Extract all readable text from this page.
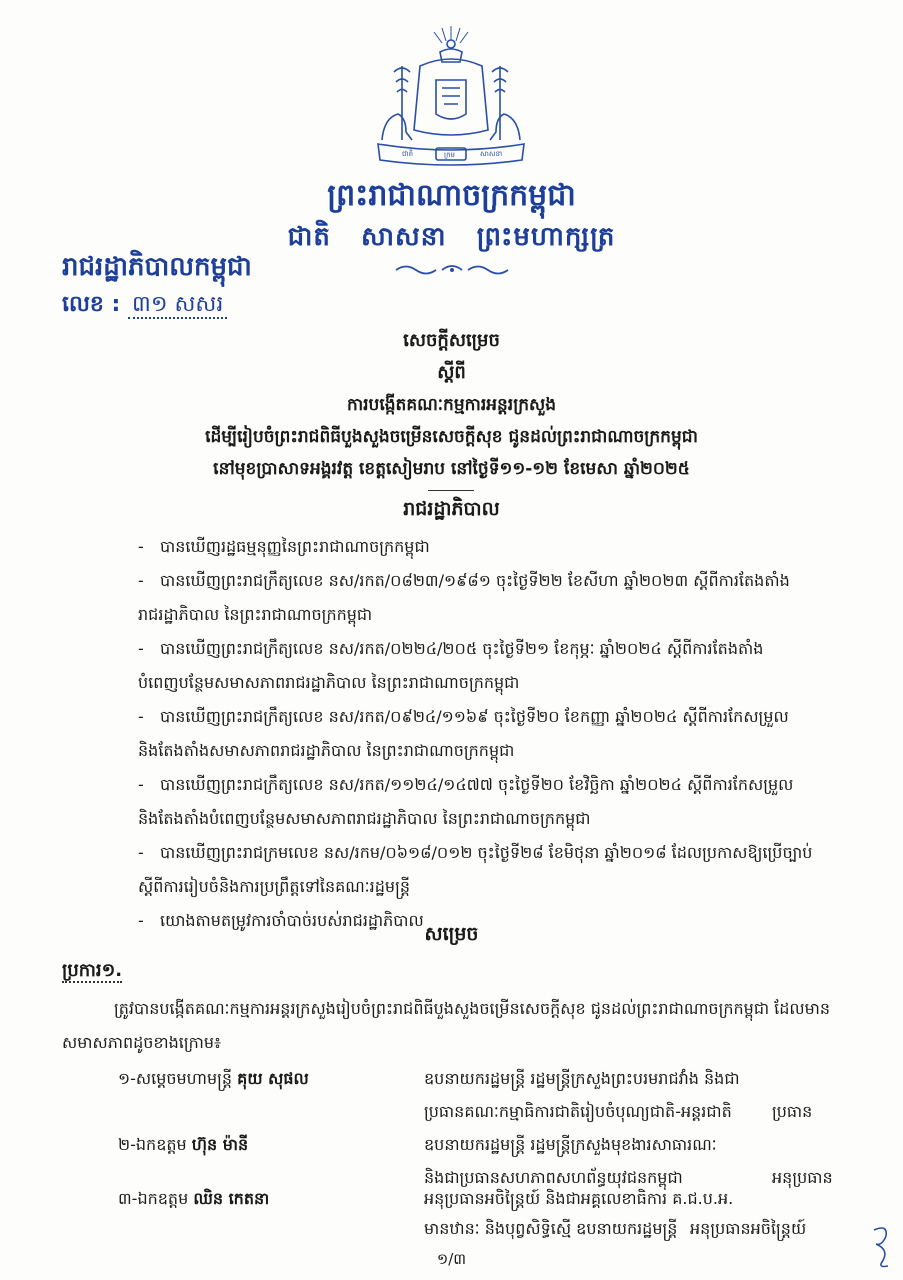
ជាតិ	ក្រម	សាសនា
ព្រះរាជាណាចក្រកម្ពុជា
ជាតិ   សាសនា   ព្រះមហាក្សត្រ
រាជរដ្ឋាភិបាលកម្ពុជា
លេខ : ៣១ សសរ
សេចក្តីសម្រេច
ស្តីពី
ការបង្កើតគណៈកម្មការអន្តរក្រសួង
ដើម្បីរៀបចំព្រះរាជពិធីបួងសួងចម្រើនសេចក្តីសុខ ជូនដល់ព្រះរាជាណាចក្រកម្ពុជា
នៅមុខប្រាសាទអង្គរវត្ត ខេត្តសៀមរាប នៅថ្ងៃទី១១-១២ ខែមេសា ឆ្នាំ២០២៥
រាជរដ្ឋាភិបាល
- បានឃើញរដ្ឋធម្មនុញ្ញនៃព្រះរាជាណាចក្រកម្ពុជា
- បានឃើញព្រះរាជក្រឹត្យលេខ នស/រកត/០៨២៣/១៩៨១ ចុះថ្ងៃទី២២ ខែសីហា ឆ្នាំ២០២៣ ស្តីពីការតែងតាំង
រាជរដ្ឋាភិបាល នៃព្រះរាជាណាចក្រកម្ពុជា
- បានឃើញព្រះរាជក្រឹត្យលេខ នស/រកត/០២២៤/២០៥ ចុះថ្ងៃទី២១ ខែកុម្ភៈ ឆ្នាំ២០២៤ ស្តីពីការតែងតាំង
បំពេញបន្ថែមសមាសភាពរាជរដ្ឋាភិបាល នៃព្រះរាជាណាចក្រកម្ពុជា
- បានឃើញព្រះរាជក្រឹត្យលេខ នស/រកត/០៩២៤/១១៦៩ ចុះថ្ងៃទី២០ ខែកញ្ញា ឆ្នាំ២០២៤ ស្តីពីការកែសម្រួល
និងតែងតាំងសមាសភាពរាជរដ្ឋាភិបាល នៃព្រះរាជាណាចក្រកម្ពុជា
- បានឃើញព្រះរាជក្រឹត្យលេខ នស/រកត/១១២៤/១៤៧៧ ចុះថ្ងៃទី២០ ខែវិច្ឆិកា ឆ្នាំ២០២៤ ស្តីពីការកែសម្រួល
និងតែងតាំងបំពេញបន្ថែមសមាសភាពរាជរដ្ឋាភិបាល នៃព្រះរាជាណាចក្រកម្ពុជា
- បានឃើញព្រះរាជក្រមលេខ នស/រកម/០៦១៨/០១២ ចុះថ្ងៃទី២៨ ខែមិថុនា ឆ្នាំ២០១៨ ដែលប្រកាសឱ្យប្រើច្បាប់
ស្តីពីការរៀបចំនិងការប្រព្រឹត្តទៅនៃគណៈរដ្ឋមន្ត្រី
- យោងតាមតម្រូវការចាំបាច់របស់រាជរដ្ឋាភិបាល
សម្រេច
ប្រការ១.
ត្រូវបានបង្កើតគណៈកម្មការអន្តរក្រសួងរៀបចំព្រះរាជពិធីបួងសួងចម្រើនសេចក្តីសុខ ជូនដល់ព្រះរាជាណាចក្រកម្ពុជា ដែលមានសមាសភាពដូចខាងក្រោម៖
១-សម្តេចមហាមន្ត្រី គុយ សុផល	ឧបនាយករដ្ឋមន្ត្រី រដ្ឋមន្ត្រីក្រសួងព្រះបរមរាជវាំង និងជា
ប្រធានគណៈកម្មាធិការជាតិរៀបចំបុណ្យជាតិ-អន្តរជាតិ	ប្រធាន
២-ឯកឧត្តម ហ៊ុន ម៉ានី	ឧបនាយករដ្ឋមន្ត្រី រដ្ឋមន្ត្រីក្រសួងមុខងារសាធារណៈ
និងជាប្រធានសហភាពសហព័ន្ធយុវជនកម្ពុជា	អនុប្រធាន
៣-ឯកឧត្តម ឈិន កេតនា	អនុប្រធានអចិន្ត្រៃយ៍ និងជាអគ្គលេខាធិការ គ.ជ.ប.អ.
មានឋានៈ និងបុព្វសិទ្ធិស្មើ ឧបនាយករដ្ឋមន្ត្រី អនុប្រធានអចិន្ត្រៃយ៍
១/៣
